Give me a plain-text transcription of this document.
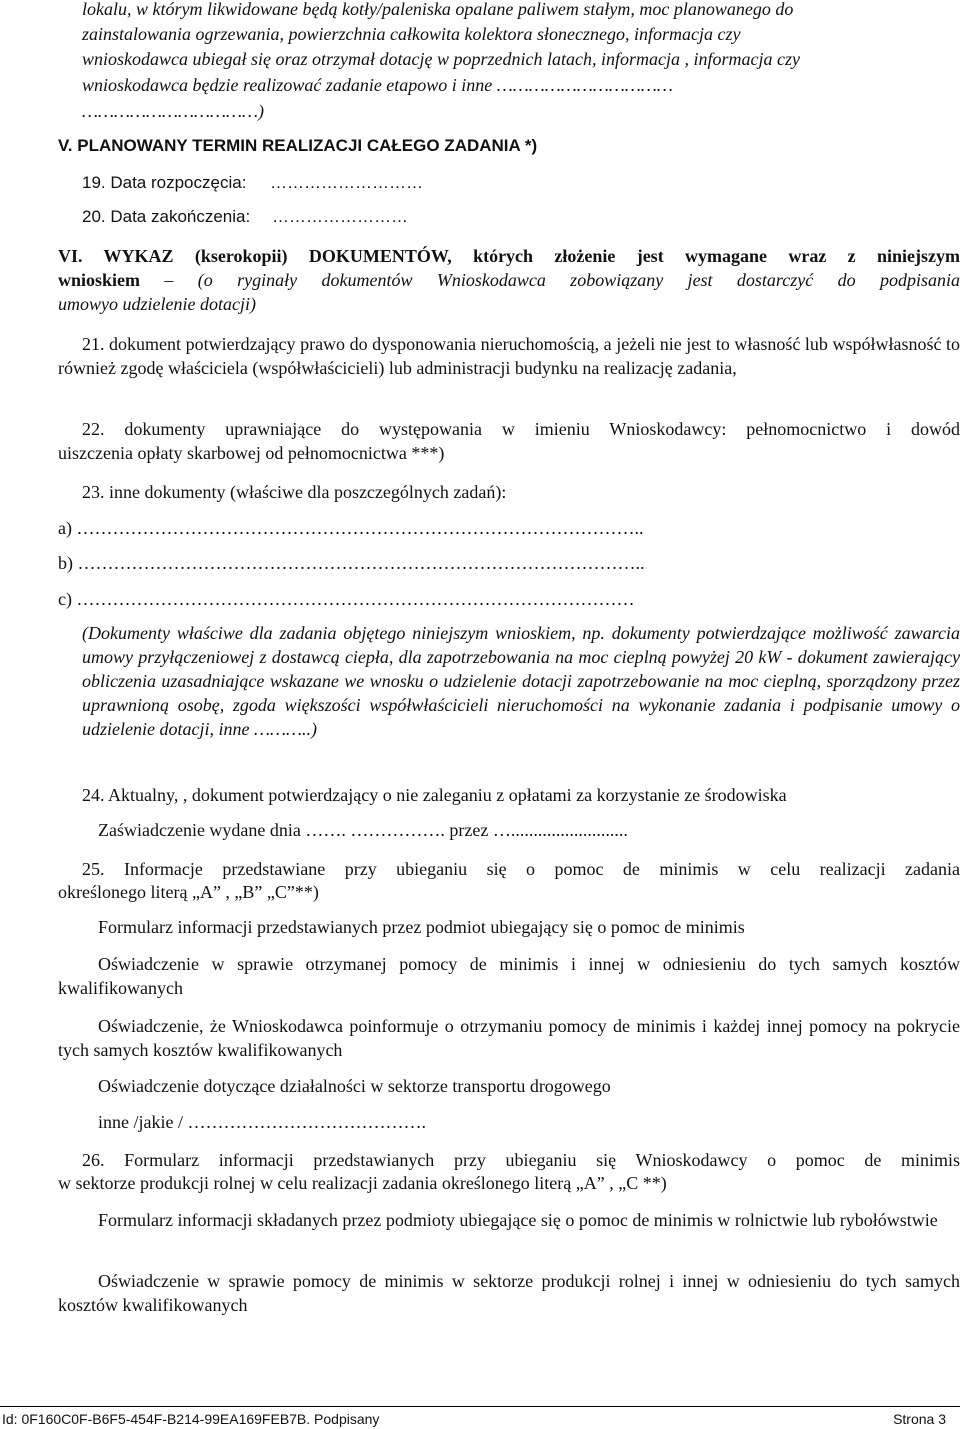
lokalu, w którym likwidowane będą kotły/paleniska opalane paliwem stałym, moc planowanego do
zainstalowania ogrzewania, powierzchnia całkowita kolektora słonecznego, informacja czy
wnioskodawca ubiegał się oraz otrzymał dotację w poprzednich latach, informacja , informacja czy
wnioskodawca będzie realizować zadanie etapowo i inne ……………………………
……………………………)
V. PLANOWANY TERMIN REALIZACJI CAŁEGO ZADANIA *)
19. Data rozpoczęcia: ………………………
20. Data zakończenia: ……………………
VI. WYKAZ (kserokopii) DOKUMENTÓW, których złożenie jest wymagane wraz z niniejszym
wnioskiem – (o ryginały dokumentów Wnioskodawca zobowiązany jest dostarczyć do podpisania
umowyo udzielenie dotacji)
21. dokument potwierdzający prawo do dysponowania nieruchomością, a jeżeli nie jest to własność lub współwłasność to również zgodę właściciela (współwłaścicieli) lub administracji budynku na realizację zadania,
22. dokumenty uprawniające do występowania w imieniu Wnioskodawcy: pełnomocnictwo i dowód
uiszczenia opłaty skarbowej od pełnomocnictwa ***)
23. inne dokumenty (właściwe dla poszczególnych zadań):
a) …………………………………………………………………………………..
b) …………………………………………………………………………………..
c) …………………………………………………………………………………
(Dokumenty właściwe dla zadania objętego niniejszym wnioskiem, np. dokumenty potwierdzające możliwość zawarcia umowy przyłączeniowej z dostawcą ciepła, dla zapotrzebowania na moc cieplną powyżej 20 kW - dokument zawierający obliczenia uzasadniające wskazane we wnosku o udzielenie dotacji zapotrzebowanie na moc cieplną, sporządzony przez uprawnioną osobę, zgoda większości współwłaścicieli nieruchomości na wykonanie zadania i podpisanie umowy o udzielenie dotacji, inne ………..)
24. Aktualny, , dokument potwierdzający o nie zaleganiu z opłatami za korzystanie ze środowiska
Zaświadczenie wydane dnia ……. ……………. przez …..........................
25. Informacje przedstawiane przy ubieganiu się o pomoc de minimis w celu realizacji zadania
określonego literą „A” , „B” „C”**)
Formularz informacji przedstawianych przez podmiot ubiegający się o pomoc de minimis
Oświadczenie w sprawie otrzymanej pomocy de minimis i innej w odniesieniu do tych samych kosztów kwalifikowanych
Oświadczenie, że Wnioskodawca poinformuje o otrzymaniu pomocy de minimis i każdej innej pomocy na pokrycie tych samych kosztów kwalifikowanych
Oświadczenie dotyczące działalności w sektorze transportu drogowego
inne /jakie / ………………………………….
26. Formularz informacji przedstawianych przy ubieganiu się Wnioskodawcy o pomoc de minimis
w sektorze produkcji rolnej w celu realizacji zadania określonego literą „A” , „C **)
Formularz informacji składanych przez podmioty ubiegające się o pomoc de minimis w rolnictwie lub rybołówstwie
Oświadczenie w sprawie pomocy de minimis w sektorze produkcji rolnej i innej w odniesieniu do tych samych kosztów kwalifikowanych
Id: 0F160C0F-B6F5-454F-B214-99EA169FEB7B. Podpisany	Strona 3
